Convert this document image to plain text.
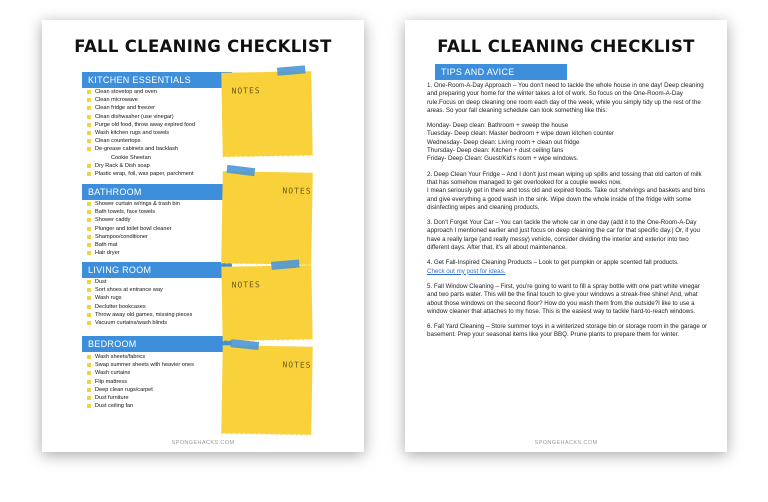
FALL CLEANING CHECKLIST
KITCHEN ESSENTIALS
Clean stovetop and oven
Clean microwave
Clean fridge and freezer
Clean dishwasher (use vinegar)
Purge old food, throw away expired food
Wash kitchen rugs and towels
Clean countertops
De-grease cabinets and backlash
Cookie Sheetan
Dry Rack & Dish soap
Plastic wrap, foil, wax paper, parchment
BATHROOM
Shower curtain w/rings & trash bin
Bath towels, face towels
Shower caddy
Plunger and toilet bowl cleaner
Shampoo/conditioner
Bath mat
Hair dryer
LIVING ROOM
Dust
Sort shoes at entrance way
Wash rugs
Declutter bookcases
Throw away old games, missing pieces
Vacuum curtains/wash blinds
BEDROOM
Wash sheets/fabrics
Swap summer sheets with heavier ones
Wash curtains
Flip mattress
Deep clean rugs/carpet
Dust furniture
Dust ceiling fan
NOTES
NOTES
NOTES
NOTES
SPONGEHACKS.COM
FALL CLEANING CHECKLIST
TIPS AND AVICE

1. One-Room-A-Day Approach – You don't need to tackle the whole house in one day! Deep cleaning and preparing your home for the winter takes a lot of work. So focus on the One-Room-A-Day rule.Focus on deep cleaning one room each day of the week, while you simply tidy up the rest of the areas. So your fall cleaning schedule can look something like this:

Monday- Deep clean: Bathroom + sweep the house
Tuesday- Deep clean: Master bedroom + wipe down kitchen counter
Wednesday- Deep clean: Living room + clean out fridge
Thursday- Deep clean: Kitchen + dust ceiling fans

Friday- Deep Clean: Guest/Kid's room + wipe windows.

2. Deep Clean Your Fridge – And I don't just mean wiping up spills and tossing that old carton of milk that has somehow managed to get overlooked for a couple weeks now.

I mean seriously get in there and toss old and expired foods. Take out shelvings and baskets and bins and give everything a good wash in the sink. Wipe down the whole inside of the fridge with some disinfecting wipes and cleaning products.

3. Don't Forget Your Car – You can tackle the whole car in one day (add it to the One-Room-A-Day approach I mentioned earlier and just focus on deep cleaning the car for that specific day.) Or, if you have a really large (and really messy) vehicle, consider dividing the interior and exterior into two different days. After that, it's all about maintenance.

4. Get Fall-Inspired Cleaning Products – Look to get pumpkin or apple scented fall products.

Check out my post for ideas.

5. Fall Window Cleaning – First, you're going to want to fill a spray bottle with one part white vinegar and two parts water. This will be the final touch to give your windows a streak-free shine! And, what about those windows on the second floor? How do you wash them from the outside?I like to use a window cleaner that attaches to my hose. This is the easiest way to tackle hard-to-reach windows.

6. Fall Yard Cleaning – Store summer toys in a winterized storage bin or storage room in the garage or basement. Prep your seasonal items like your BBQ. Prune plants to prepare them for winter.

SPONGEHACKS.COM
